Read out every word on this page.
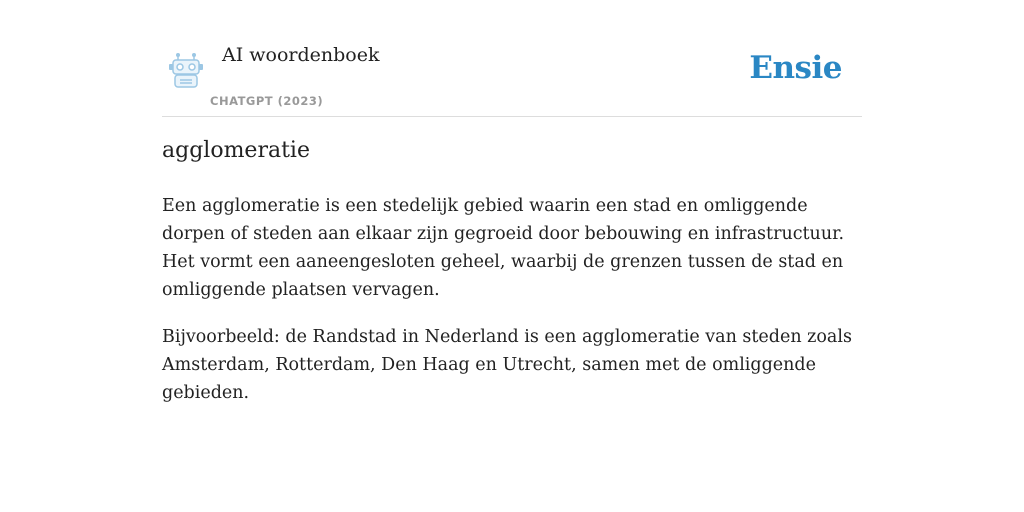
AI woordenboek
CHATGPT (2023)
Ensie
agglomeratie

Een agglomeratie is een stedelijk gebied waarin een stad en omliggende dorpen of steden aan elkaar zijn gegroeid door bebouwing en infrastructuur. Het vormt een aaneengesloten geheel, waarbij de grenzen tussen de stad en omliggende plaatsen vervagen.

Bijvoorbeeld: de Randstad in Nederland is een agglomeratie van steden zoals Amsterdam, Rotterdam, Den Haag en Utrecht, samen met de omliggende gebieden.
